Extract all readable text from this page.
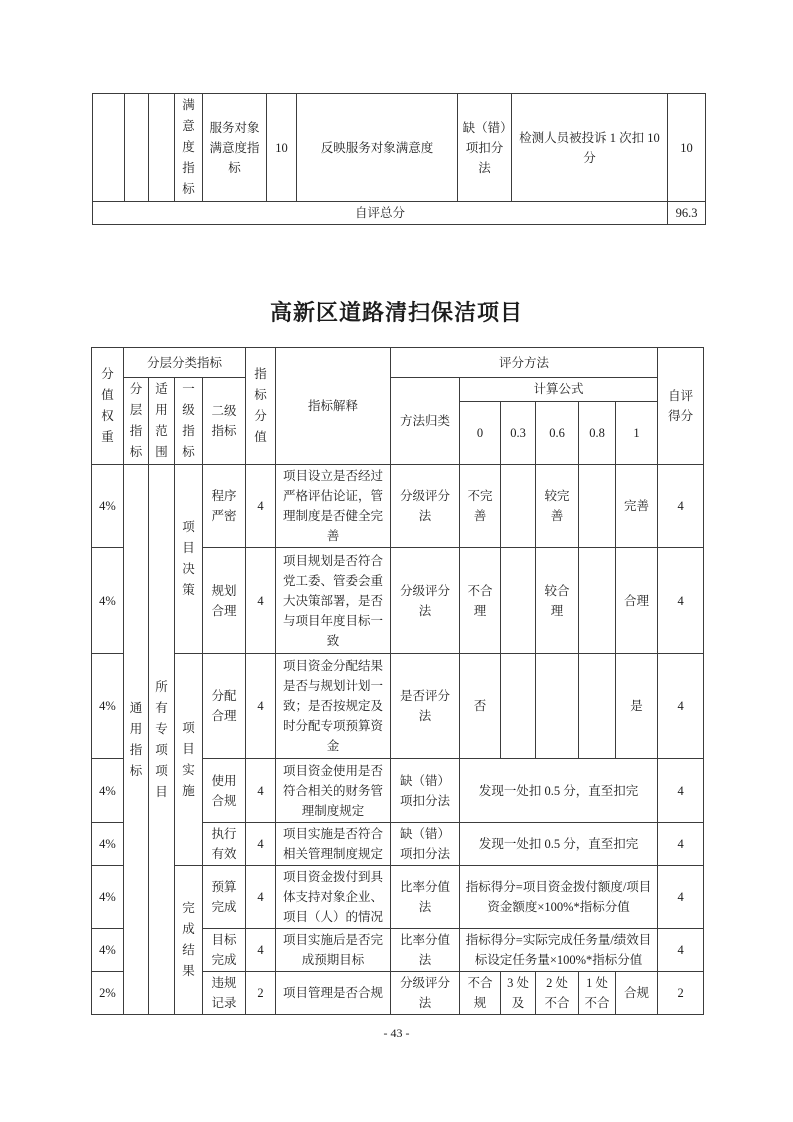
			满意度指标	服务对象满意度指标	10	反映服务对象满意度	缺（错）项扣分法	检测人员被投诉 1 次扣 10 分	10
自评总分									96.3
高新区道路清扫保洁项目
分值权重	分层分类指标				指标分值	指标解释	评分方法						自评得分
	分层指标	适用范围	一级指标	二级指标			方法归类	计算公式					
								0	0.3	0.6	0.8	1	
4%	通用指标	所有专项项目	项目决策	程序严密	4	项目设立是否经过严格评估论证，管理制度是否健全完善	分级评分法	不完善		较完善		完善	4
4%				规划合理	4	项目规划是否符合党工委、管委会重大决策部署，是否与项目年度目标一致	分级评分法	不合理		较合理		合理	4
4%			项目实施	分配合理	4	项目资金分配结果是否与规划计划一致；是否按规定及时分配专项预算资金	是否评分法	否				是	4
4%				使用合规	4	项目资金使用是否符合相关的财务管理制度规定	缺（错）项扣分法	发现一处扣 0.5 分，直至扣完					4
4%				执行有效	4	项目实施是否符合相关管理制度规定	缺（错）项扣分法	发现一处扣 0.5 分，直至扣完					4
4%			完成结果	预算完成	4	项目资金拨付到具体支持对象企业、项目（人）的情况	比率分值法	指标得分=项目资金拨付额度/项目资金额度×100%*指标分值					4
4%				目标完成	4	项目实施后是否完成预期目标	比率分值法	指标得分=实际完成任务量/绩效目标设定任务量×100%*指标分值					4
2%				违规记录	2	项目管理是否合规	分级评分法	不合规	3 处及	2 处不合	1 处不合	合规	2
- 43 -
